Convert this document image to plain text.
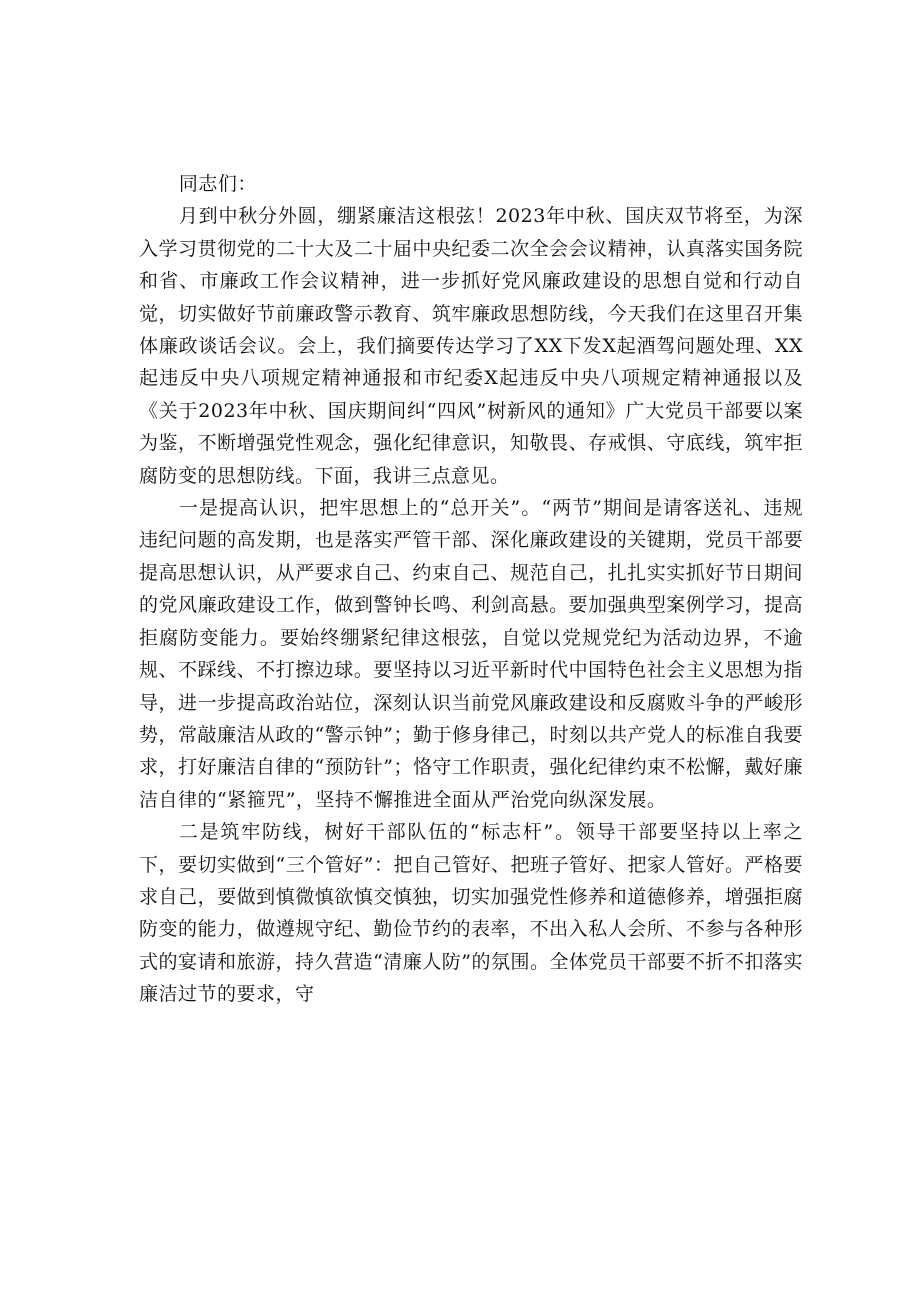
同志们：

月到中秋分外圆，绷紧廉洁这根弦！2023年中秋、国庆双节将至，为深入学习贯彻党的二十大及二十届中央纪委二次全会会议精神，认真落实国务院和省、市廉政工作会议精神，进一步抓好党风廉政建设的思想自觉和行动自觉，切实做好节前廉政警示教育、筑牢廉政思想防线，今天我们在这里召开集体廉政谈话会议。会上，我们摘要传达学习了XX下发X起酒驾问题处理、XX起违反中央八项规定精神通报和市纪委X起违反中央八项规定精神通报以及《关于2023年中秋、国庆期间纠“四风”树新风的通知》广大党员干部要以案为鉴，不断增强党性观念，强化纪律意识，知敬畏、存戒惧、守底线，筑牢拒腐防变的思想防线。下面，我讲三点意见。

一是提高认识，把牢思想上的“总开关”。“两节”期间是请客送礼、违规违纪问题的高发期，也是落实严管干部、深化廉政建设的关键期，党员干部要提高思想认识，从严要求自己、约束自己、规范自己，扎扎实实抓好节日期间的党风廉政建设工作，做到警钟长鸣、利剑高悬。要加强典型案例学习，提高拒腐防变能力。要始终绷紧纪律这根弦，自觉以党规党纪为活动边界，不逾规、不踩线、不打擦边球。要坚持以习近平新时代中国特色社会主义思想为指导，进一步提高政治站位，深刻认识当前党风廉政建设和反腐败斗争的严峻形势，常敲廉洁从政的“警示钟”；勤于修身律己，时刻以共产党人的标准自我要求，打好廉洁自律的“预防针”；恪守工作职责，强化纪律约束不松懈，戴好廉洁自律的“紧箍咒”，坚持不懈推进全面从严治党向纵深发展。

二是筑牢防线，树好干部队伍的“标志杆”。领导干部要坚持以上率之下，要切实做到“三个管好”：把自己管好、把班子管好、把家人管好。严格要求自己，要做到慎微慎欲慎交慎独，切实加强党性修养和道德修养，增强拒腐防变的能力，做遵规守纪、勤俭节约的表率，不出入私人会所、不参与各种形式的宴请和旅游，持久营造“清廉人防”的氛围。全体党员干部要不折不扣落实廉洁过节的要求，守
